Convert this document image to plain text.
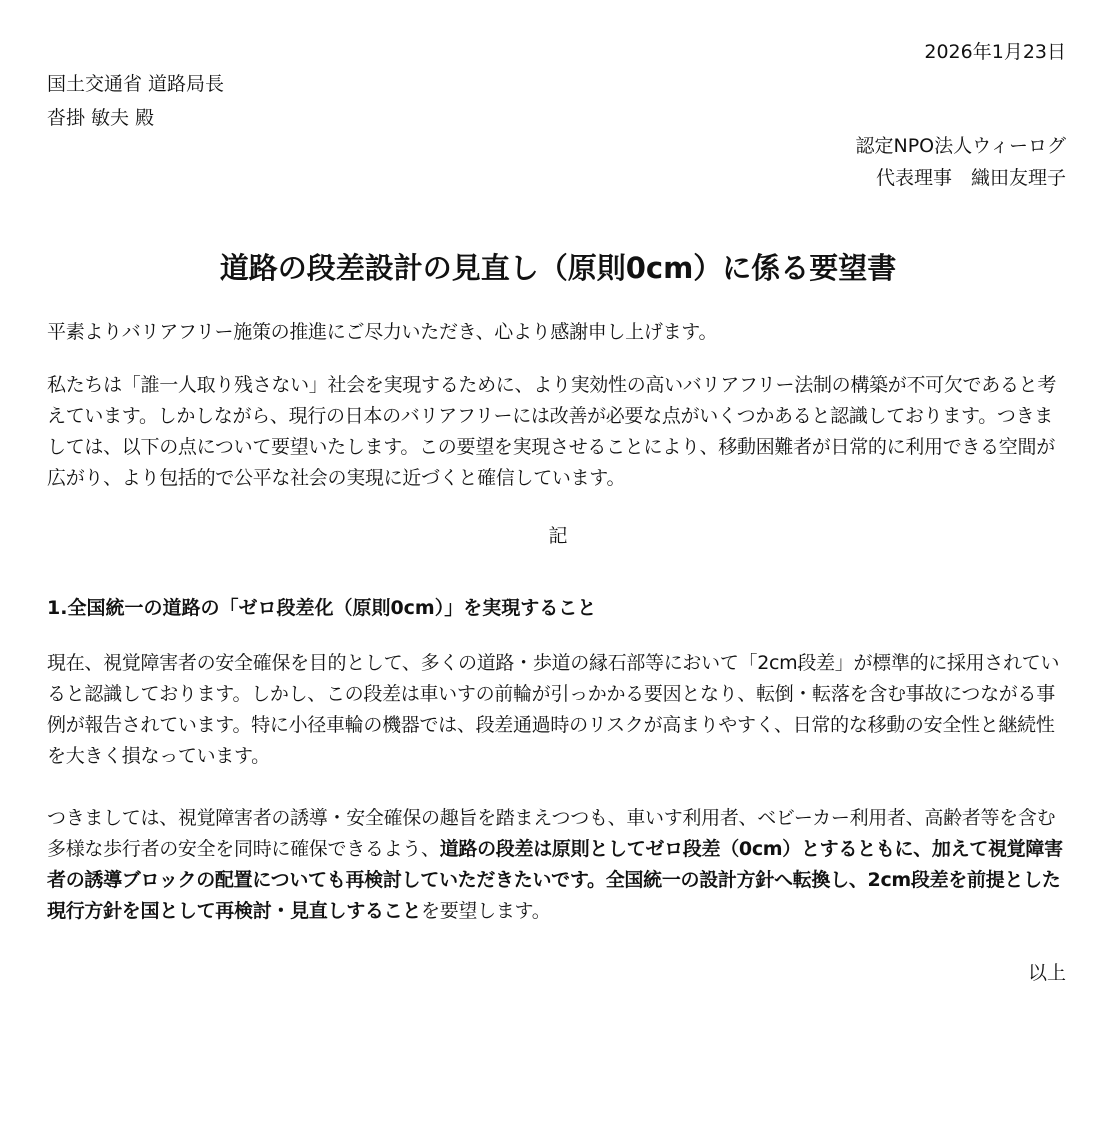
2026年1月23日
国土交通省 道路局長
沓掛 敏夫 殿
認定NPO法人ウィーログ
代表理事　織田友理子
道路の段差設計の見直し（原則0cm）に係る要望書
平素よりバリアフリー施策の推進にご尽力いただき、心より感謝申し上げます。
私たちは「誰一人取り残さない」社会を実現するために、より実効性の高いバリアフリー法制の構築が不可欠であると考えています。しかしながら、現行の日本のバリアフリーには改善が必要な点がいくつかあると認識しております。つきましては、以下の点について要望いたします。この要望を実現させることにより、移動困難者が日常的に利用できる空間が広がり、より包括的で公平な社会の実現に近づくと確信しています。
記
1.全国統一の道路の「ゼロ段差化（原則0cm）」を実現すること
現在、視覚障害者の安全確保を目的として、多くの道路・歩道の縁石部等において「2cm段差」が標準的に採用されていると認識しております。しかし、この段差は車いすの前輪が引っかかる要因となり、転倒・転落を含む事故につながる事例が報告されています。特に小径車輪の機器では、段差通過時のリスクが高まりやすく、日常的な移動の安全性と継続性を大きく損なっています。
つきましては、視覚障害者の誘導・安全確保の趣旨を踏まえつつも、車いす利用者、ベビーカー利用者、高齢者等を含む多様な歩行者の安全を同時に確保できるよう、道路の段差は原則としてゼロ段差（0cm）とするともに、加えて視覚障害者の誘導ブロックの配置についても再検討していただきたいです。全国統一の設計方針へ転換し、2cm段差を前提とした現行方針を国として再検討・見直しすることを要望します。
以上
